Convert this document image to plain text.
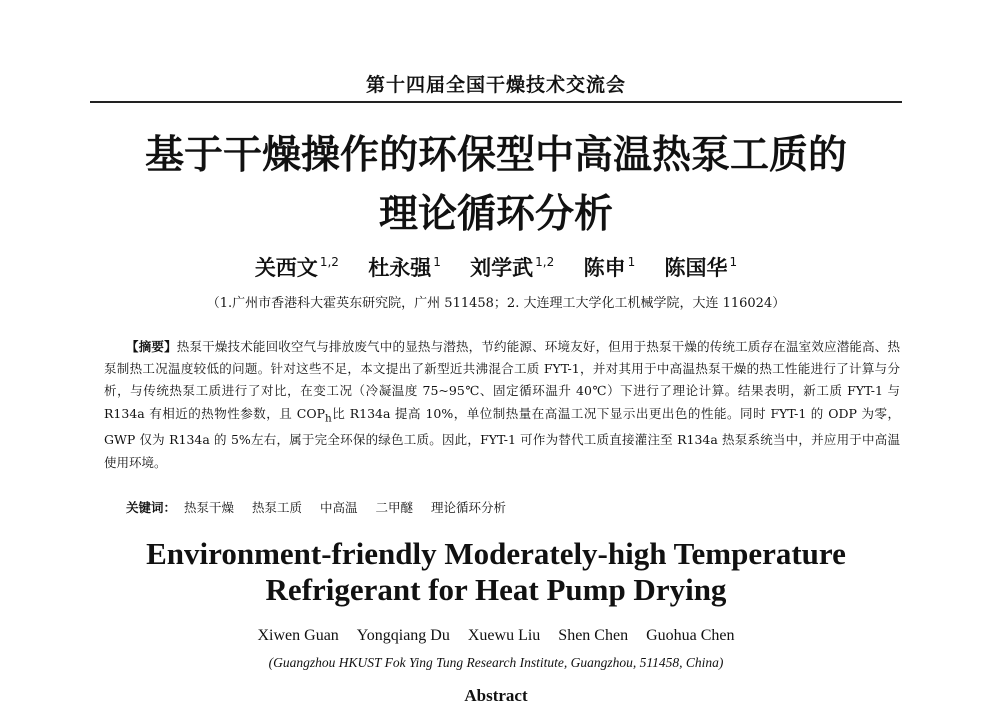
第十四届全国干燥技术交流会
基于干燥操作的环保型中高温热泵工质的
理论循环分析
关西文 $^{1,2}$ 杜永强 $^1$ 刘学武 $^{1,2}$ 陈申 $^1$ 陈国华 $^1$
（1.广州市香港科大霍英东研究院，广州 511458；2. 大连理工大学化工机械学院，大连 116024）
【摘要】热泵干燥技术能回收空气与排放废气中的显热与潜热，节约能源、环境友好，但用于热泵干燥的传统工质存在温室效应潜能高、热泵制热工况温度较低的问题。针对这些不足，本文提出了新型近共沸混合工质 FYT-1，并对其用于中高温热泵干燥的热工性能进行了计算与分析，与传统热泵工质进行了对比，在变工况（冷凝温度 75~95℃、固定循环温升 40℃）下进行了理论计算。结果表明，新工质 FYT-1 与 R134a 有相近的热物性参数，且 $COP_h$比 R134a 提高 10%，单位制热量在高温工况下显示出更出色的性能。同时 FYT-1 的 ODP 为零，GWP 仅为 R134a 的 5%左右，属于完全环保的绿色工质。因此，FYT-1 可作为替代工质直接灌注至 R134a 热泵系统当中，并应用于中高温使用环境。
关键词： 热泵干燥 热泵工质 中高温 二甲醚 理论循环分析
Environment-friendly Moderately-high Temperature
Refrigerant for Heat Pump Drying
Xiwen Guan Yongqiang Du Xuewu Liu Shen Chen Guohua Chen
(Guangzhou HKUST Fok Ying Tung Research Institute, Guangzhou, 511458, China)
Abstract
